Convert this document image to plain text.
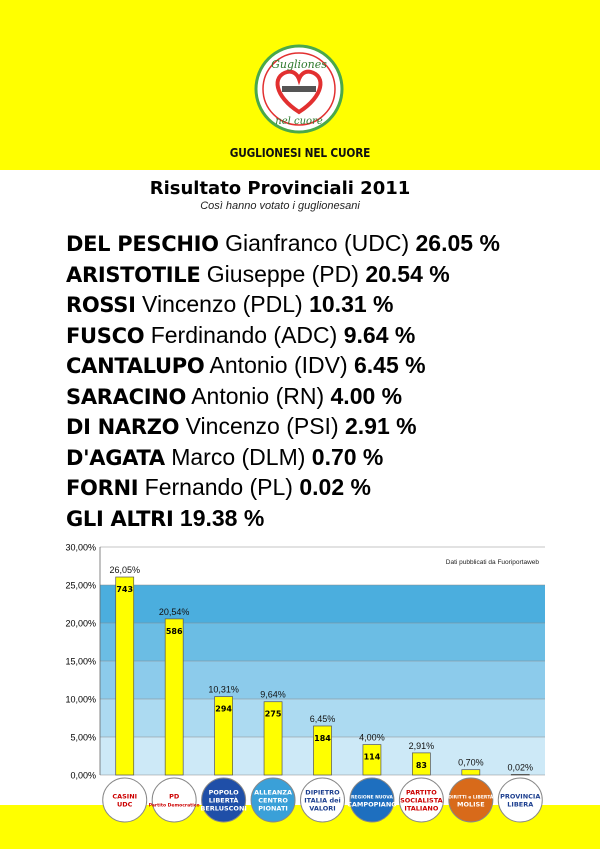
Gugliones
nel cuore
GUGLIONESI NEL CUORE
Risultato Provinciali 2011
Così hanno votato i guglionesani
DEL PESCHIO Gianfranco (UDC) 26.05 %
ARISTOTILE Giuseppe (PD) 20.54 %
ROSSI Vincenzo (PDL) 10.31 %
FUSCO Ferdinando (ADC) 9.64 %
CANTALUPO Antonio (IDV) 6.45 %
SARACINO Antonio (RN) 4.00 %
DI NARZO Vincenzo (PSI) 2.91 %
D'AGATA Marco (DLM) 0.70 %
FORNI Fernando (PL) 0.02 %
GLI ALTRI 19.38 %
0,00%
5,00%
10,00%
15,00%
20,00%
25,00%
30,00%
Dati pubblicati da Fuoriportaweb
26,05%
743
CASINI
UDC
20,54%
586
PD
Partito Democratico
10,31%
294
POPOLO
LIBERTÀ
BERLUSCONI
9,64%
275
ALLEANZA
CENTRO
PIONATI
6,45%
184
DIPIETRO
ITALIA dei
VALORI
4,00%
114
REGIONE NUOVA
CAMPOPIANO
2,91%
83
PARTITO
SOCIALISTA
ITALIANO
0,70%
DIRITTI e LIBERTÀ
MOLISE
0,02%
PROVINCIA
LIBERA
